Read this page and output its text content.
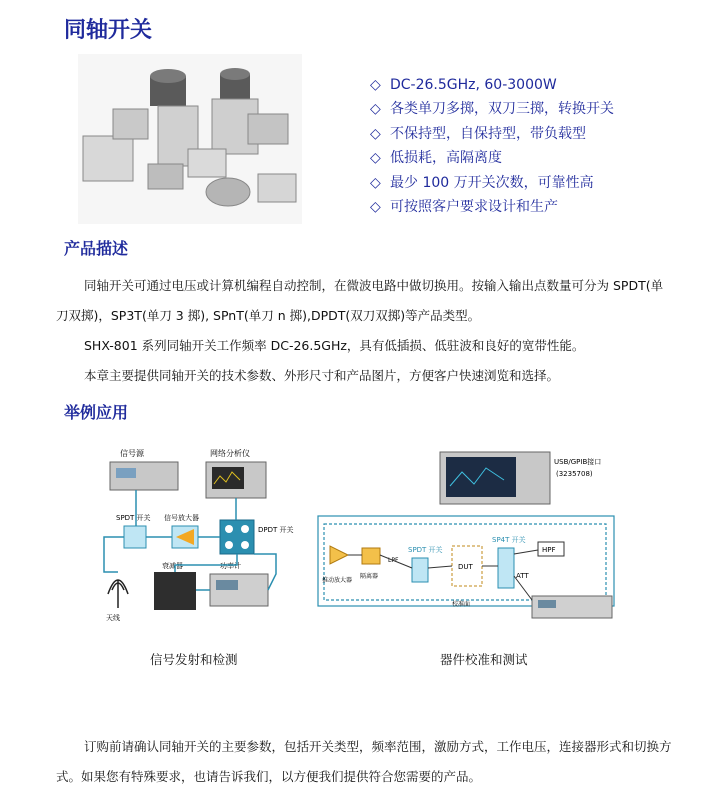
同轴开关
◇ DC-26.5GHz, 60-3000W
◇ 各类单刀多掷，双刀三掷，转换开关
◇ 不保持型，自保持型，带负载型
◇ 低损耗，高隔离度
◇ 最少 100 万开关次数，可靠性高
◇ 可按照客户要求设计和生产
产品描述

同轴开关可通过电压或计算机编程自动控制，在微波电路中做切换用。按输入输出点数量可分为 SPDT(单

刀双掷)，SP3T(单刀 3 掷), SPnT(单刀 n 掷),DPDT(双刀双掷)等产品类型。

SHX-801 系列同轴开关工作频率 DC-26.5GHz，具有低插损、低驻波和良好的宽带性能。

本章主要提供同轴开关的技术参数、外形尺寸和产品图片，方便客户快速浏览和选择。

举例应用
信号源	网络分析仪
SPDT 开关 信号放大器
DPDT 开关
衰减器	功率计
天线

信号发射和检测

USB/GPIB接口
(3235708)
推动放大器
隔离器
LPF
SPDT 开关
DUT
校准面
SP4T 开关
HPF
ATT

器件校准和测试

订购前请确认同轴开关的主要参数，包括开关类型，频率范围，激励方式，工作电压，连接器形式和切换方

式。如果您有特殊要求，也请告诉我们，以方便我们提供符合您需要的产品。
